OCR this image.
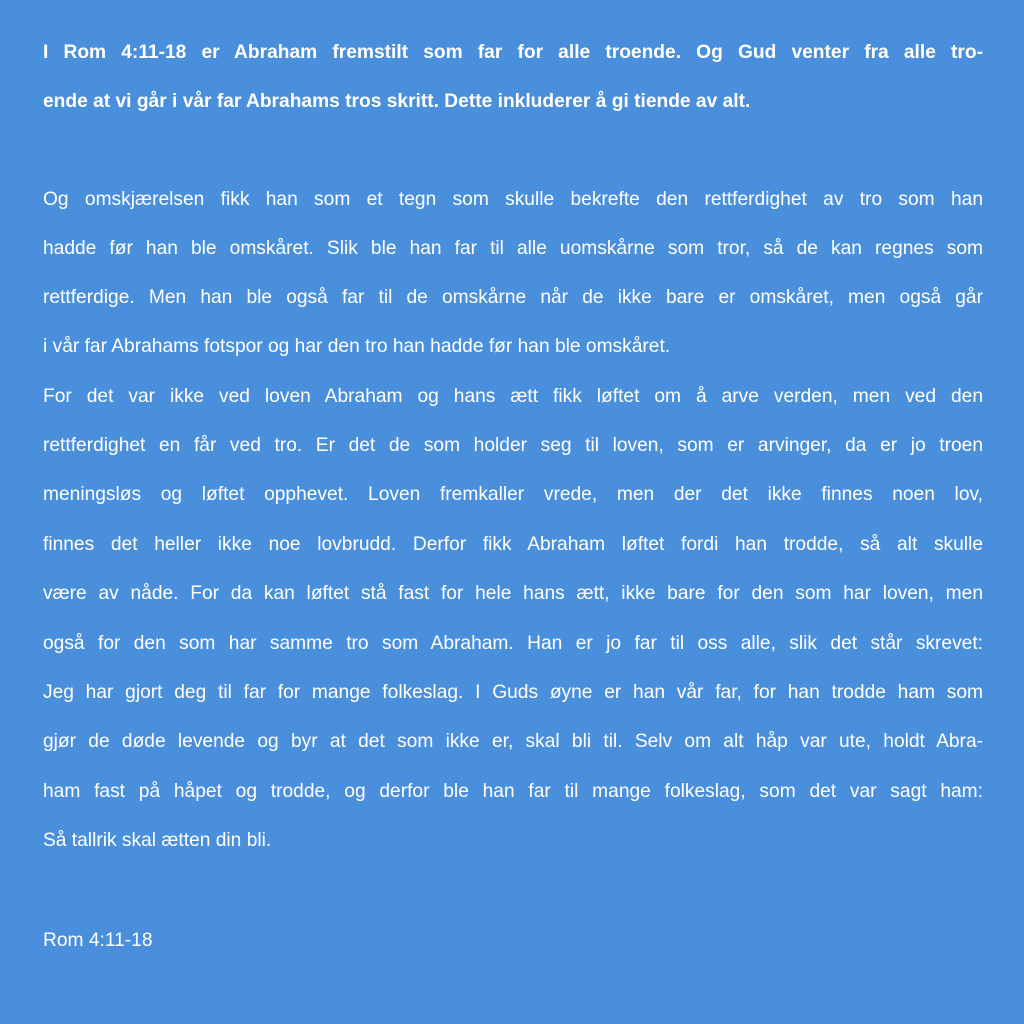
I Rom 4:11-18 er Abraham fremstilt som far for alle troende. Og Gud venter fra alle tro-
ende at vi går i vår far Abrahams tros skritt. Dette inkluderer å gi tiende av alt.
Og omskjærelsen fikk han som et tegn som skulle bekrefte den rettferdighet av tro som han
hadde før han ble omskåret. Slik ble han far til alle uomskårne som tror, så de kan regnes som
rettferdige. Men han ble også far til de omskårne når de ikke bare er omskåret, men også går
i vår far Abrahams fotspor og har den tro han hadde før han ble omskåret.
For det var ikke ved loven Abraham og hans ætt fikk løftet om å arve verden, men ved den
rettferdighet en får ved tro. Er det de som holder seg til loven, som er arvinger, da er jo troen
meningsløs og løftet opphevet. Loven fremkaller vrede, men der det ikke finnes noen lov,
finnes det heller ikke noe lovbrudd. Derfor fikk Abraham løftet fordi han trodde, så alt skulle
være av nåde. For da kan løftet stå fast for hele hans ætt, ikke bare for den som har loven, men
også for den som har samme tro som Abraham. Han er jo far til oss alle, slik det står skrevet:
Jeg har gjort deg til far for mange folkeslag. I Guds øyne er han vår far, for han trodde ham som
gjør de døde levende og byr at det som ikke er, skal bli til. Selv om alt håp var ute, holdt Abra-
ham fast på håpet og trodde, og derfor ble han far til mange folkeslag, som det var sagt ham:
Så tallrik skal ætten din bli.
Rom 4:11-18
